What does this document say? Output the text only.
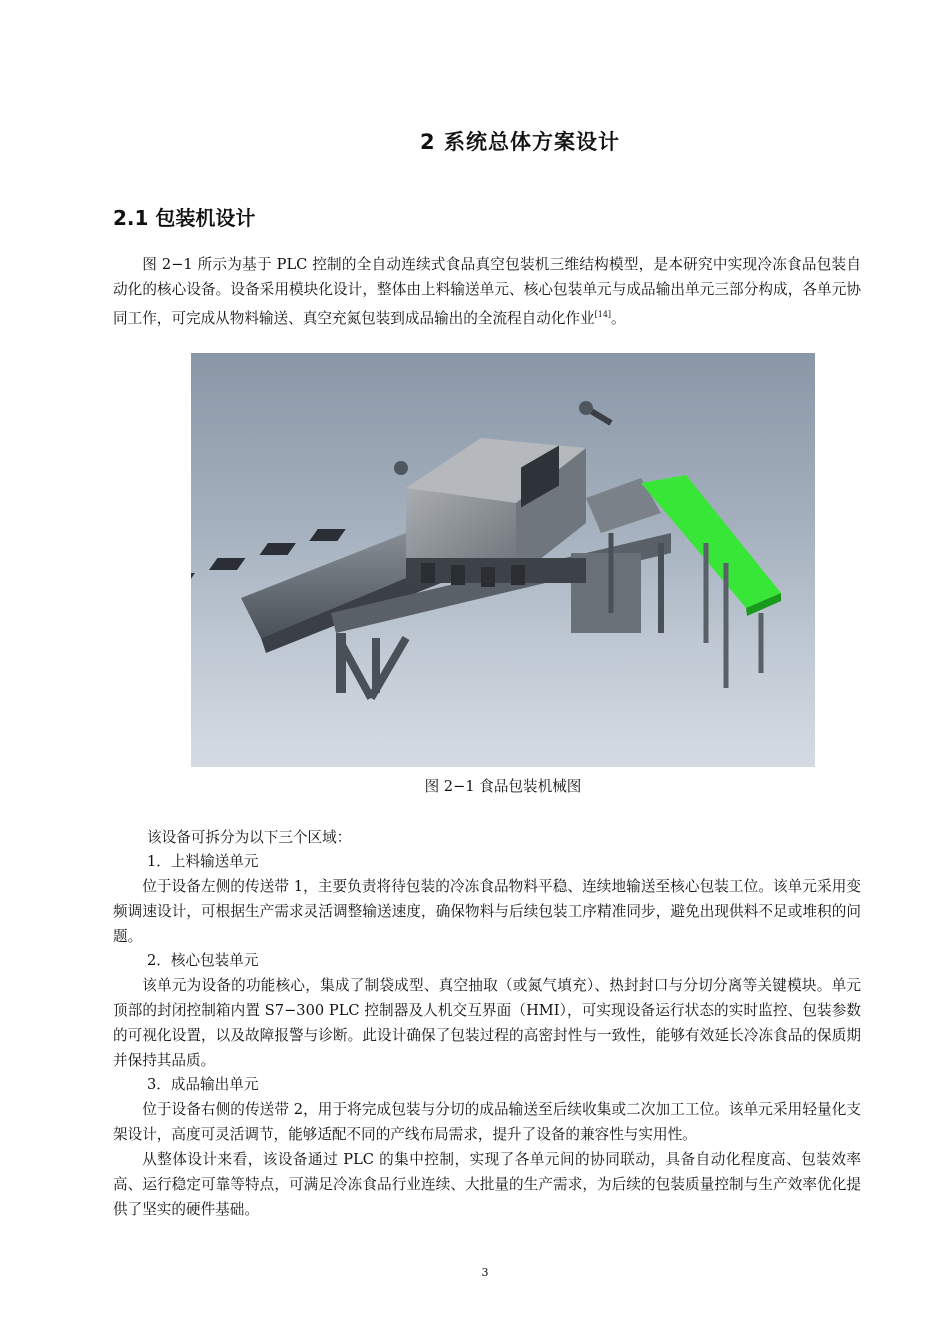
2 系统总体方案设计
2.1 包装机设计

图 2−1 所示为基于 PLC 控制的全自动连续式食品真空包装机三维结构模型，是本研究中实现冷冻食品包装自动化的核心设备。设备采用模块化设计，整体由上料输送单元、核心包装单元与成品输出单元三部分构成，各单元协同工作，可完成从物料输送、真空充氮包装到成品输出的全流程自动化作业[14]。

图 2−1 食品包装机械图

该设备可拆分为以下三个区域：

1．上料输送单元

位于设备左侧的传送带 1，主要负责将待包装的冷冻食品物料平稳、连续地输送至核心包装工位。该单元采用变频调速设计，可根据生产需求灵活调整输送速度，确保物料与后续包装工序精准同步，避免出现供料不足或堆积的问题。

2．核心包装单元

该单元为设备的功能核心，集成了制袋成型、真空抽取（或氮气填充）、热封封口与分切分离等关键模块。单元顶部的封闭控制箱内置 S7−300 PLC 控制器及人机交互界面（HMI），可实现设备运行状态的实时监控、包装参数的可视化设置，以及故障报警与诊断。此设计确保了包装过程的高密封性与一致性，能够有效延长冷冻食品的保质期并保持其品质。

3．成品输出单元

位于设备右侧的传送带 2，用于将完成包装与分切的成品输送至后续收集或二次加工工位。该单元采用轻量化支架设计，高度可灵活调节，能够适配不同的产线布局需求，提升了设备的兼容性与实用性。

从整体设计来看，该设备通过 PLC 的集中控制，实现了各单元间的协同联动，具备自动化程度高、包装效率高、运行稳定可靠等特点，可满足冷冻食品行业连续、大批量的生产需求，为后续的包装质量控制与生产效率优化提供了坚实的硬件基础。

3
